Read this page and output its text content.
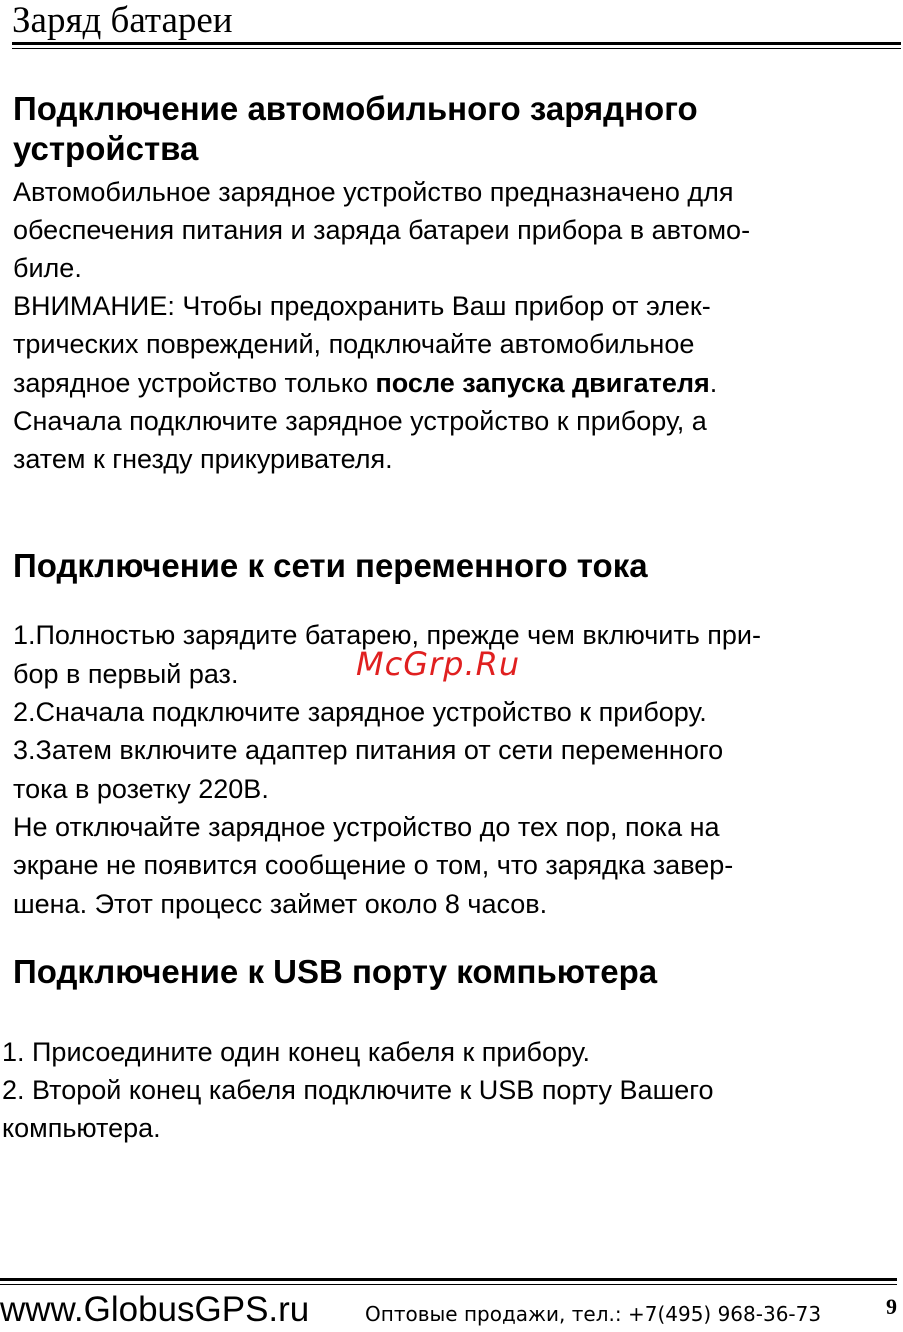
Заряд батареи
Подключение автомобильного зарядного
устройства

Автомобильное зарядное устройство предназначено для

обеспечения питания и заряда батареи прибора в автомо-

биле.

ВНИМАНИЕ: Чтобы предохранить Ваш прибор от элек-

трических повреждений, подключайте автомобильное

зарядное устройство только после запуска двигателя.

Сначала подключите зарядное устройство к прибору, а

затем к гнезду прикуривателя.

Подключение к сети переменного тока

1.Полностью зарядите батарею, прежде чем включить при-

бор в первый раз.

2.Сначала подключите зарядное устройство к прибору.

3.Затем включите адаптер питания от сети переменного

тока в розетку 220В.

Не отключайте зарядное устройство до тех пор, пока на

экране не появится сообщение о том, что зарядка завер-

шена. Этот процесс займет около 8 часов.

McGrp.Ru
Подключение к USB порту компьютера

1. Присоедините один конец кабеля к прибору.

2. Второй конец кабеля подключите к USB порту Вашего

компьютера.

www.GlobusGPS.ru	Оптовые продажи, тел.: +7(495) 968-36-73	9
